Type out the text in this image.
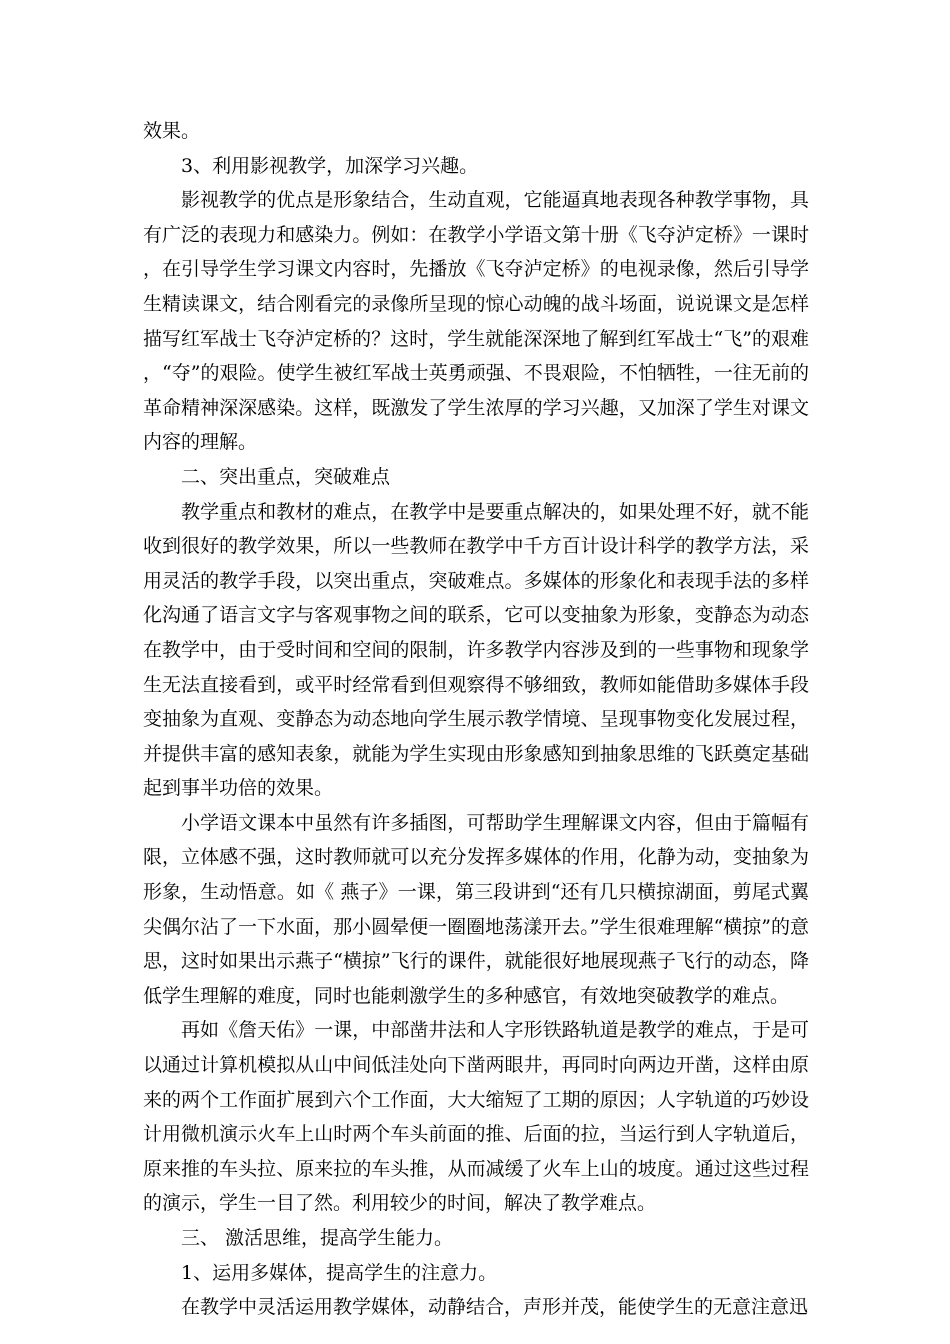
效果。

3、利用影视教学，加深学习兴趣。

影视教学的优点是形象结合，生动直观，它能逼真地表现各种教学事物，具有广泛的表现力和感染力。例如：在教学小学语文第十册《飞夺泸定桥》一课时，在引导学生学习课文内容时，先播放《飞夺泸定桥》的电视录像，然后引导学生精读课文，结合刚看完的录像所呈现的惊心动魄的战斗场面，说说课文是怎样描写红军战士飞夺泸定桥的？这时，学生就能深深地了解到红军战士“飞”的艰难，“夺”的艰险。使学生被红军战士英勇顽强、不畏艰险，不怕牺牲，一往无前的革命精神深深感染。这样，既激发了学生浓厚的学习兴趣，又加深了学生对课文内容的理解。

二、突出重点，突破难点

教学重点和教材的难点，在教学中是要重点解决的，如果处理不好，就不能收到很好的教学效果，所以一些教师在教学中千方百计设计科学的教学方法，采用灵活的教学手段，以突出重点，突破难点。多媒体的形象化和表现手法的多样化沟通了语言文字与客观事物之间的联系，它可以变抽象为形象，变静态为动态在教学中，由于受时间和空间的限制，许多教学内容涉及到的一些事物和现象学生无法直接看到，或平时经常看到但观察得不够细致，教师如能借助多媒体手段变抽象为直观、变静态为动态地向学生展示教学情境、呈现事物变化发展过程，并提供丰富的感知表象，就能为学生实现由形象感知到抽象思维的飞跃奠定基础起到事半功倍的效果。

小学语文课本中虽然有许多插图，可帮助学生理解课文内容，但由于篇幅有限，立体感不强，这时教师就可以充分发挥多媒体的作用，化静为动，变抽象为形象，生动悟意。如《 燕子》一课，第三段讲到“还有几只横掠湖面，剪尾式翼尖偶尔沾了一下水面，那小圆晕便一圈圈地荡漾开去。”学生很难理解“横掠”的意思，这时如果出示燕子“横掠”飞行的课件，就能很好地展现燕子飞行的动态，降低学生理解的难度，同时也能刺激学生的多种感官，有效地突破教学的难点。

再如《詹天佑》一课，中部凿井法和人字形铁路轨道是教学的难点，于是可以通过计算机模拟从山中间低洼处向下凿两眼井，再同时向两边开凿，这样由原来的两个工作面扩展到六个工作面，大大缩短了工期的原因；人字轨道的巧妙设计用微机演示火车上山时两个车头前面的推、后面的拉，当运行到人字轨道后，原来推的车头拉、原来拉的车头推，从而减缓了火车上山的坡度。通过这些过程的演示，学生一目了然。利用较少的时间，解决了教学难点。

三、 激活思维，提高学生能力。

1、运用多媒体，提高学生的注意力。

在教学中灵活运用教学媒体，动静结合，声形并茂，能使学生的无意注意迅
